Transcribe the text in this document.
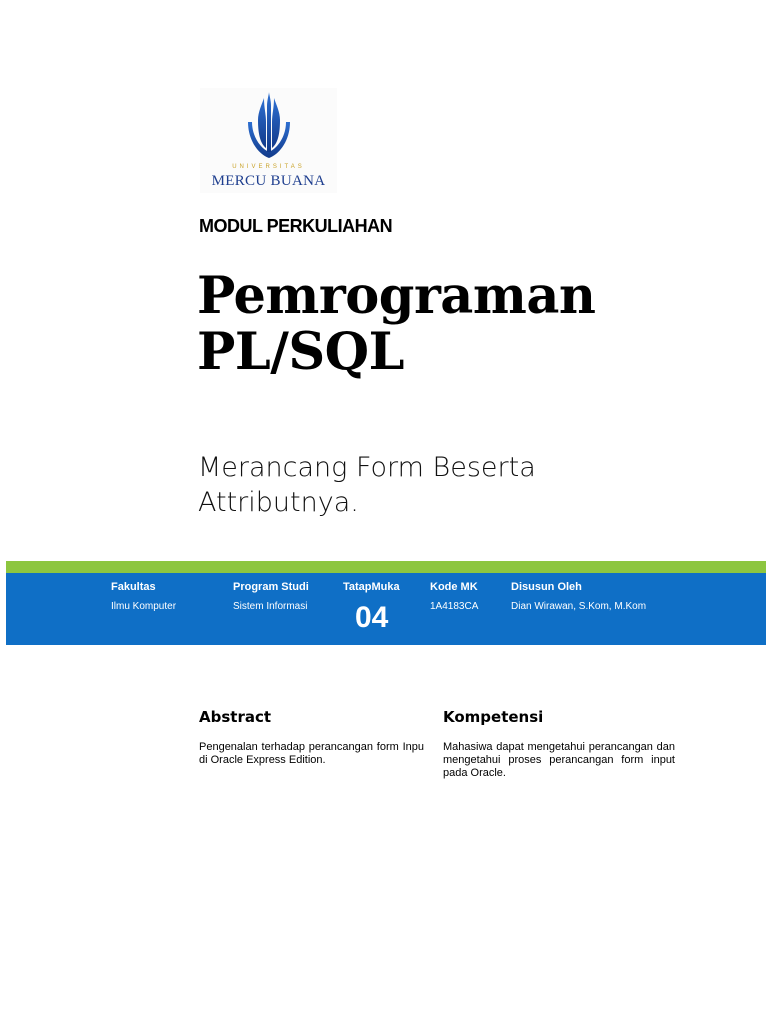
UNIVERSITAS
MERCU BUANA
MODUL PERKULIAHAN
Pemrograman
PL/SQL
Merancang Form Beserta
Attributnya.
Fakultas
Ilmu Komputer
Program Studi
Sistem Informasi
TatapMuka
04
Kode MK
1A4183CA
Disusun Oleh
Dian Wirawan, S.Kom, M.Kom
Abstract
Pengenalan terhadap perancangan form Inpu di Oracle Express Edition.
Kompetensi
Mahasiwa dapat mengetahui perancangan dan mengetahui proses perancangan form input pada Oracle.
